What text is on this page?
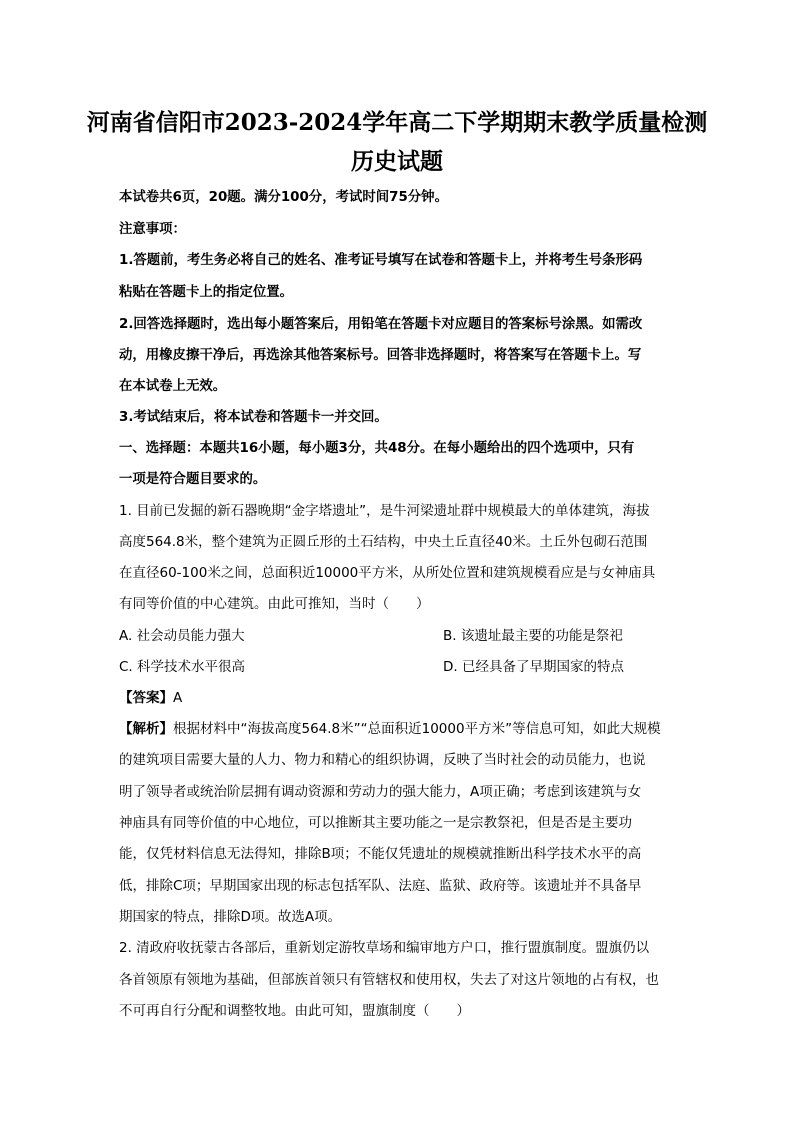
河南省信阳市2023-2024学年高二下学期期末教学质量检测
历史试题
本试卷共6页，20题。满分100分，考试时间75分钟。
注意事项：
1.答题前，考生务必将自己的姓名、准考证号填写在试卷和答题卡上，并将考生号条形码
粘贴在答题卡上的指定位置。
2.回答选择题时，选出每小题答案后，用铅笔在答题卡对应题目的答案标号涂黑。如需改
动，用橡皮擦干净后，再选涂其他答案标号。回答非选择题时，将答案写在答题卡上。写
在本试卷上无效。
3.考试结束后，将本试卷和答题卡一并交回。
一、选择题：本题共16小题，每小题3分，共48分。在每小题给出的四个选项中，只有
一项是符合题目要求的。
1. 目前已发掘的新石器晚期“金字塔遗址”，是牛河梁遗址群中规模最大的单体建筑，海拔
高度564.8米，整个建筑为正圆丘形的土石结构，中央土丘直径40米。土丘外包砌石范围
在直径60-100米之间，总面积近10000平方米，从所处位置和建筑规模看应是与女神庙具
有同等价值的中心建筑。由此可推知，当时（　　）
A. 社会动员能力强大	B. 该遗址最主要的功能是祭祀
C. 科学技术水平很高	D. 已经具备了早期国家的特点
【答案】A
【解析】根据材料中“海拔高度564.8米”“总面积近10000平方米”等信息可知，如此大规模
的建筑项目需要大量的人力、物力和精心的组织协调，反映了当时社会的动员能力，也说
明了领导者或统治阶层拥有调动资源和劳动力的强大能力，A项正确；考虑到该建筑与女
神庙具有同等价值的中心地位，可以推断其主要功能之一是宗教祭祀，但是否是主要功
能，仅凭材料信息无法得知，排除B项；不能仅凭遗址的规模就推断出科学技术水平的高
低，排除C项；早期国家出现的标志包括军队、法庭、监狱、政府等。该遗址并不具备早
期国家的特点，排除D项。故选A项。
2. 清政府收抚蒙古各部后，重新划定游牧草场和编审地方户口，推行盟旗制度。盟旗仍以
各首领原有领地为基础，但部族首领只有管辖权和使用权，失去了对这片领地的占有权，也
不可再自行分配和调整牧地。由此可知，盟旗制度（　　）
